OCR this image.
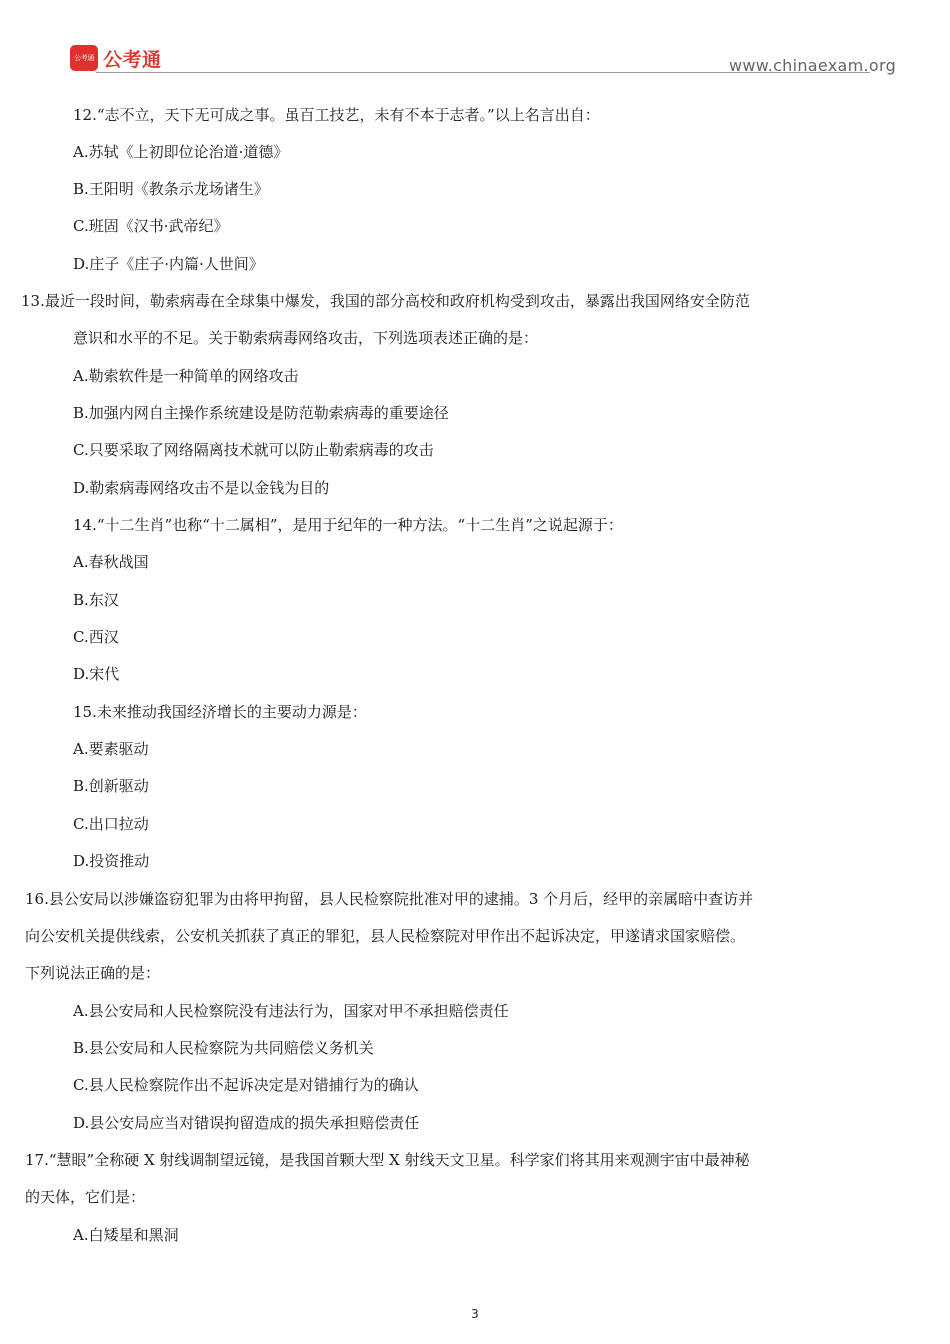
公考通 公考通	www.chinaexam.org
12.“志不立，天下无可成之事。虽百工技艺，未有不本于志者。”以上名言出自：
A.苏轼《上初即位论治道·道德》
B.王阳明《教条示龙场诸生》
C.班固《汉书·武帝纪》
D.庄子《庄子·内篇·人世间》
13.最近一段时间，勒索病毒在全球集中爆发，我国的部分高校和政府机构受到攻击，暴露出我国网络安全防范
意识和水平的不足。关于勒索病毒网络攻击，下列选项表述正确的是：
A.勒索软件是一种简单的网络攻击
B.加强内网自主操作系统建设是防范勒索病毒的重要途径
C.只要采取了网络隔离技术就可以防止勒索病毒的攻击
D.勒索病毒网络攻击不是以金钱为目的
14.“十二生肖”也称“十二属相”，是用于纪年的一种方法。“十二生肖”之说起源于：
A.春秋战国
B.东汉
C.西汉
D.宋代
15.未来推动我国经济增长的主要动力源是：
A.要素驱动
B.创新驱动
C.出口拉动
D.投资推动
16.县公安局以涉嫌盗窃犯罪为由将甲拘留，县人民检察院批准对甲的逮捕。3 个月后，经甲的亲属暗中查访并
向公安机关提供线索，公安机关抓获了真正的罪犯，县人民检察院对甲作出不起诉决定，甲遂请求国家赔偿。
下列说法正确的是：
A.县公安局和人民检察院没有违法行为，国家对甲不承担赔偿责任
B.县公安局和人民检察院为共同赔偿义务机关
C.县人民检察院作出不起诉决定是对错捕行为的确认
D.县公安局应当对错误拘留造成的损失承担赔偿责任
17.“慧眼”全称硬 X 射线调制望远镜，是我国首颗大型 X 射线天文卫星。科学家们将其用来观测宇宙中最神秘
的天体，它们是：
A.白矮星和黑洞
3
